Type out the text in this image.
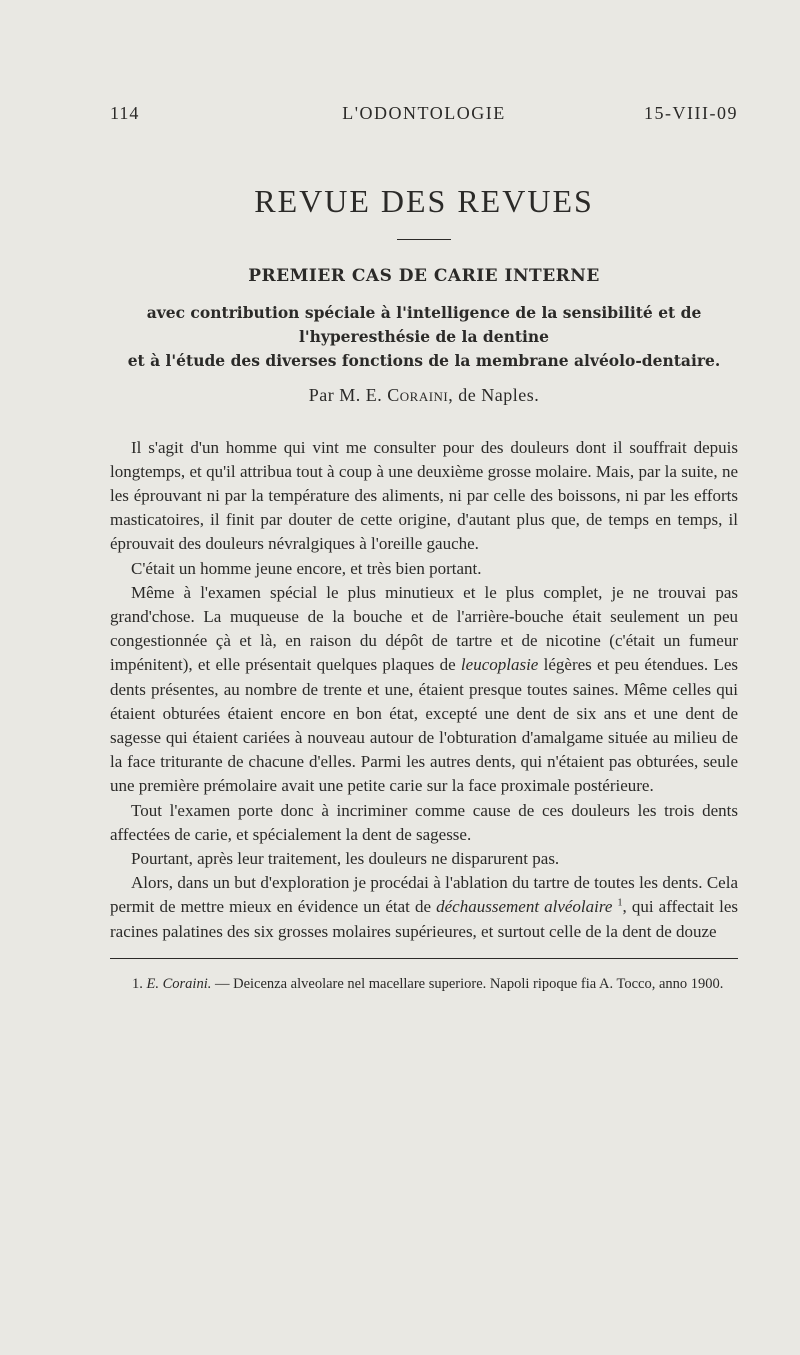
114	L'ODONTOLOGIE	15-VIII-09
REVUE DES REVUES
PREMIER CAS DE CARIE INTERNE
avec contribution spéciale à l'intelligence de la sensibilité et de
l'hyperesthésie de la dentine
et à l'étude des diverses fonctions de la membrane alvéolo-dentaire.
Par M. E. Coraini, de Naples.

Il s'agit d'un homme qui vint me consulter pour des douleurs dont il souffrait depuis longtemps, et qu'il attribua tout à coup à une deuxième grosse molaire. Mais, par la suite, ne les éprouvant ni par la température des aliments, ni par celle des boissons, ni par les efforts masticatoires, il finit par douter de cette origine, d'autant plus que, de temps en temps, il éprouvait des douleurs névralgiques à l'oreille gauche.

C'était un homme jeune encore, et très bien portant.

Même à l'examen spécial le plus minutieux et le plus complet, je ne trouvai pas grand'chose. La muqueuse de la bouche et de l'arrière-bouche était seulement un peu congestionnée çà et là, en raison du dépôt de tartre et de nicotine (c'était un fumeur impénitent), et elle présentait quelques plaques de leucoplasie légères et peu étendues. Les dents présentes, au nombre de trente et une, étaient presque toutes saines. Même celles qui étaient obturées étaient encore en bon état, excepté une dent de six ans et une dent de sagesse qui étaient cariées à nouveau autour de l'obturation d'amalgame située au milieu de la face triturante de chacune d'elles. Parmi les autres dents, qui n'étaient pas obturées, seule une première prémolaire avait une petite carie sur la face proximale postérieure.

Tout l'examen porte donc à incriminer comme cause de ces douleurs les trois dents affectées de carie, et spécialement la dent de sagesse.

Pourtant, après leur traitement, les douleurs ne disparurent pas.

Alors, dans un but d'exploration je procédai à l'ablation du tartre de toutes les dents. Cela permit de mettre mieux en évidence un état de déchaussement alvéolaire $^1$, qui affectait les racines palatines des six grosses molaires supérieures, et surtout celle de la dent de douze

1. E. Coraini. — Deicenza alveolare nel macellare superiore. Napoli ripoque fia A. Tocco, anno 1900.
